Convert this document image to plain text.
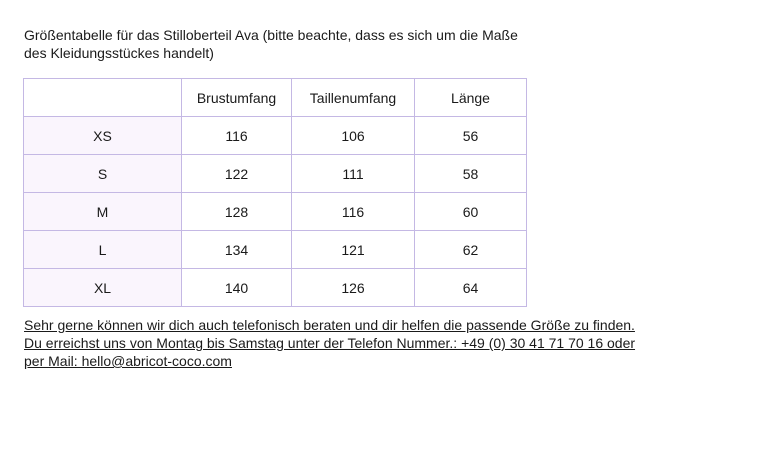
Größentabelle für das Stilloberteil Ava (bitte beachte, dass es sich um die Maße
des Kleidungsstückes handelt)

	Brustumfang	Taillenumfang	Länge
XS	116	106	56
S	122	111	58
M	128	116	60
L	134	121	62
XL	140	126	64

Sehr gerne können wir dich auch telefonisch beraten und dir helfen die passende Größe zu finden.

Du erreichst uns von Montag bis Samstag unter der Telefon Nummer.: +49 (0) 30 41 71 70 16 oder

per Mail: hello@abricot-coco.com
